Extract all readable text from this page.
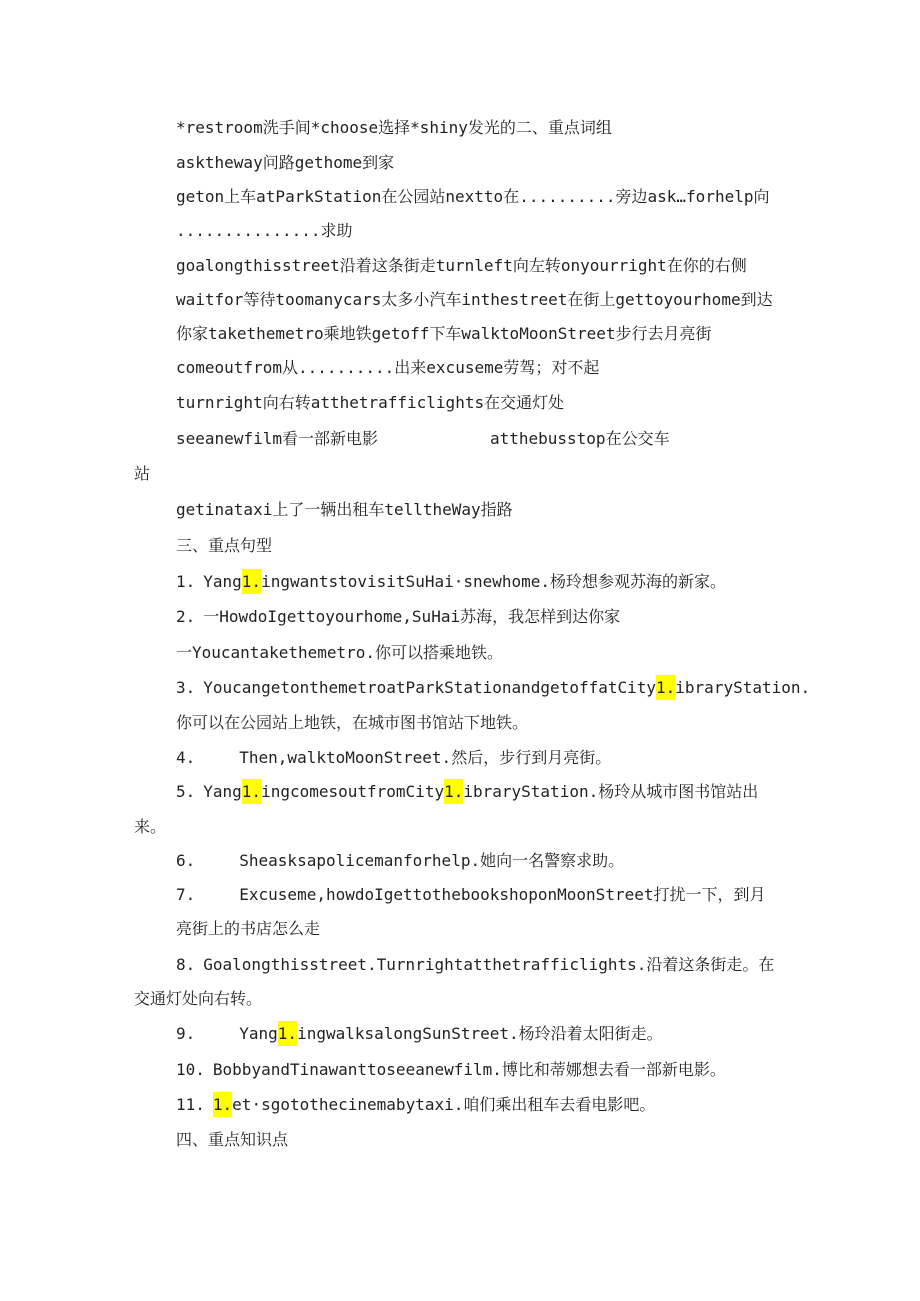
*restroom洗手间*choose选择*shiny发光的二、重点词组
asktheway问路gethome到家
geton上车atParkStation在公园站nextto在..........旁边ask…forhelp向
...............求助
goalongthisstreet沿着这条街走turnleft向左转onyourright在你的右侧
waitfor等待toomanycars太多小汽车inthestreet在街上gettoyourhome到达
你家takethemetro乘地铁getoff下车walktoMoonStreet步行去月亮街
comeoutfrom从..........出来excuseme劳驾；对不起
turnright向右转atthetrafficlights在交通灯处
seeanewfilm看一部新电影	atthebusstop在公交车
站
getinataxi上了一辆出租车telltheWay指路
三、重点句型
1. Yang1.ingwantstovisitSuHai·snewhome.杨玲想参观苏海的新家。
2. 一HowdoIgettoyourhome,SuHai苏海，我怎样到达你家
一Youcantakethemetro.你可以搭乘地铁。
3. YoucangetonthemetroatParkStationandgetoffatCity1.ibraryStation.
你可以在公园站上地铁，在城市图书馆站下地铁。
4.	Then,walktoMoonStreet.然后，步行到月亮街。
5. Yang1.ingcomesoutfromCity1.ibraryStation.杨玲从城市图书馆站出
来。
6.	Sheasksapolicemanforhelp.她向一名警察求助。
7.	Excuseme,howdoIgettothebookshoponMoonStreet打扰一下，到月
亮街上的书店怎么走
8. Goalongthisstreet.Turnrightatthetrafficlights.沿着这条街走。在
交通灯处向右转。
9.	Yang1.ingwalksalongSunStreet.杨玲沿着太阳街走。
10. BobbyandTinawanttoseeanewfilm.博比和蒂娜想去看一部新电影。
11. 1.et·sgotothecinemabytaxi.咱们乘出租车去看电影吧。
四、重点知识点
